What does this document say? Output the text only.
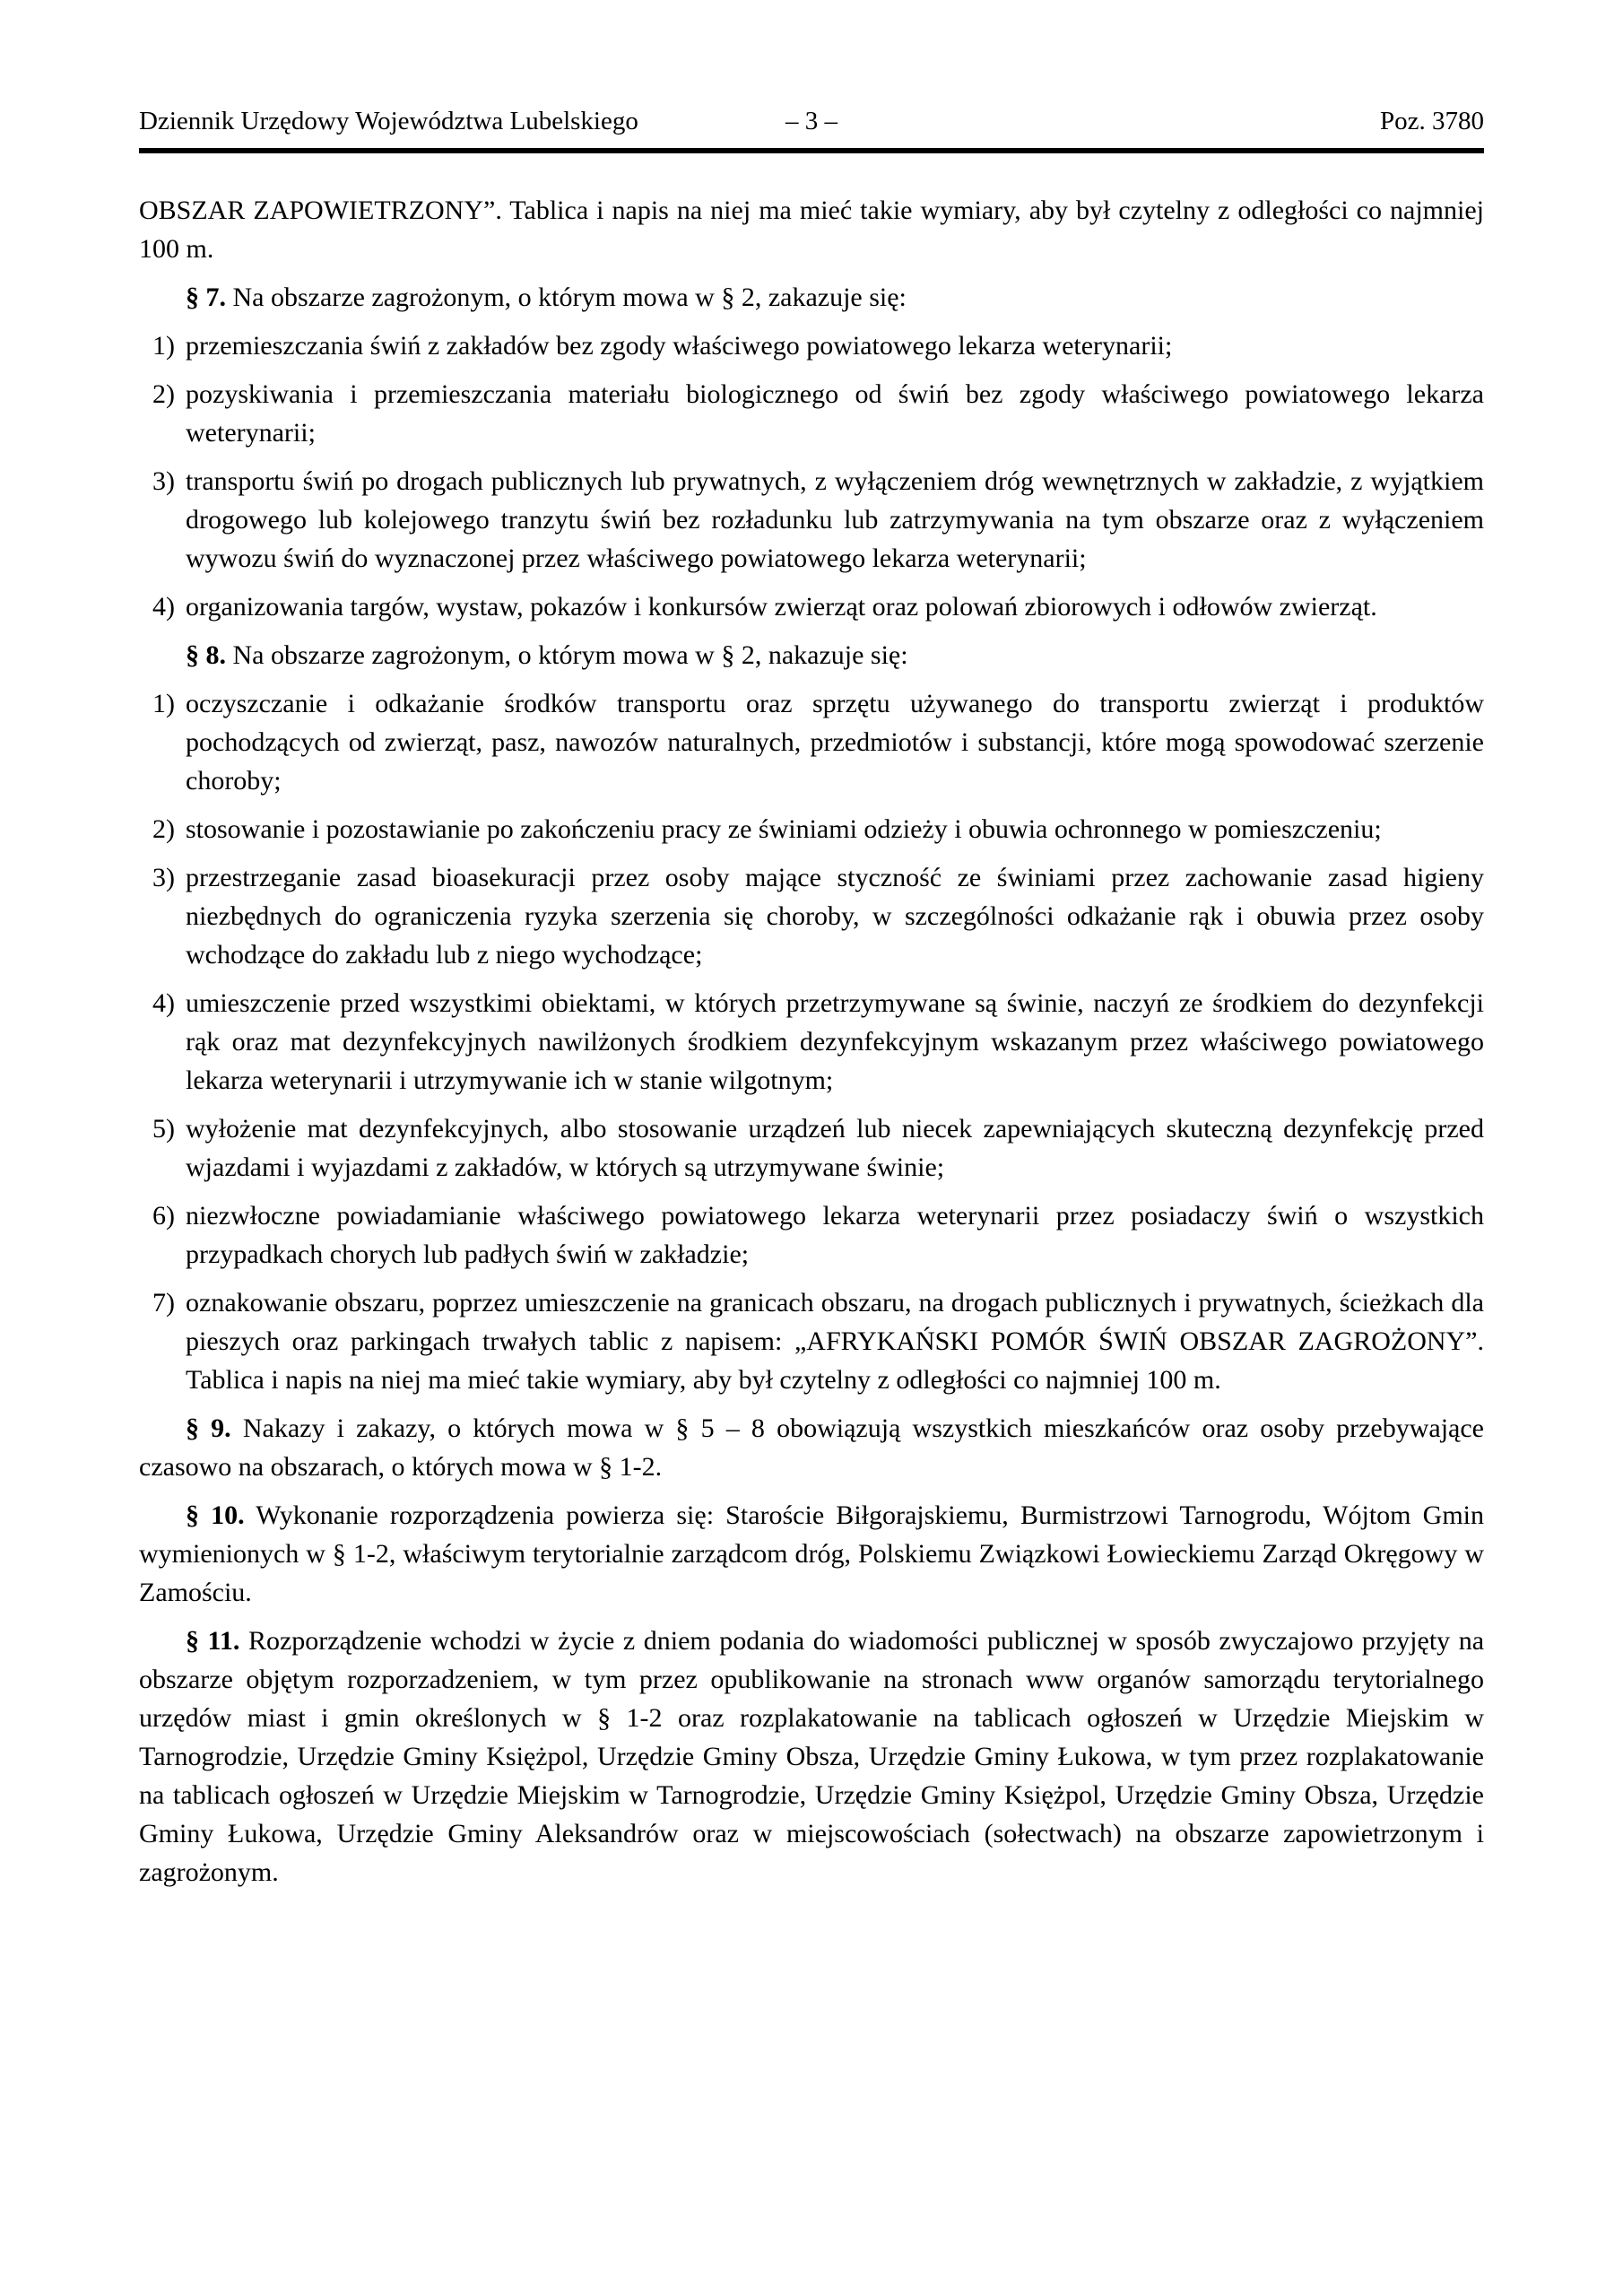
Dziennik Urzędowy Województwa Lubelskiego	– 3 –	Poz. 3780

OBSZAR ZAPOWIETRZONY”. Tablica i napis na niej ma mieć takie wymiary, aby był czytelny z odległości co najmniej 100 m.

§ 7. Na obszarze zagrożonym, o którym mowa w § 2, zakazuje się:

1) przemieszczania świń z zakładów bez zgody właściwego powiatowego lekarza weterynarii;

2) pozyskiwania i przemieszczania materiału biologicznego od świń bez zgody właściwego powiatowego lekarza weterynarii;

3) transportu świń po drogach publicznych lub prywatnych, z wyłączeniem dróg wewnętrznych w zakładzie, z wyjątkiem drogowego lub kolejowego tranzytu świń bez rozładunku lub zatrzymywania na tym obszarze oraz z wyłączeniem wywozu świń do wyznaczonej przez właściwego powiatowego lekarza weterynarii;

4) organizowania targów, wystaw, pokazów i konkursów zwierząt oraz polowań zbiorowych i odłowów zwierząt.

§ 8. Na obszarze zagrożonym, o którym mowa w § 2, nakazuje się:

1) oczyszczanie i odkażanie środków transportu oraz sprzętu używanego do transportu zwierząt i produktów pochodzących od zwierząt, pasz, nawozów naturalnych, przedmiotów i substancji, które mogą spowodować szerzenie choroby;

2) stosowanie i pozostawianie po zakończeniu pracy ze świniami odzieży i obuwia ochronnego w pomieszczeniu;

3) przestrzeganie zasad bioasekuracji przez osoby mające styczność ze świniami przez zachowanie zasad higieny niezbędnych do ograniczenia ryzyka szerzenia się choroby, w szczególności odkażanie rąk i obuwia przez osoby wchodzące do zakładu lub z niego wychodzące;

4) umieszczenie przed wszystkimi obiektami, w których przetrzymywane są świnie, naczyń ze środkiem do dezynfekcji rąk oraz mat dezynfekcyjnych nawilżonych środkiem dezynfekcyjnym wskazanym przez właściwego powiatowego lekarza weterynarii i utrzymywanie ich w stanie wilgotnym;

5) wyłożenie mat dezynfekcyjnych, albo stosowanie urządzeń lub niecek zapewniających skuteczną dezynfekcję przed wjazdami i wyjazdami z zakładów, w których są utrzymywane świnie;

6) niezwłoczne powiadamianie właściwego powiatowego lekarza weterynarii przez posiadaczy świń o wszystkich przypadkach chorych lub padłych świń w zakładzie;

7) oznakowanie obszaru, poprzez umieszczenie na granicach obszaru, na drogach publicznych i prywatnych, ścieżkach dla pieszych oraz parkingach trwałych tablic z napisem: „AFRYKAŃSKI POMÓR ŚWIŃ OBSZAR ZAGROŻONY”. Tablica i napis na niej ma mieć takie wymiary, aby był czytelny z odległości co najmniej 100 m.

§ 9. Nakazy i zakazy, o których mowa w § 5 – 8 obowiązują wszystkich mieszkańców oraz osoby przebywające czasowo na obszarach, o których mowa w § 1-2.

§ 10. Wykonanie rozporządzenia powierza się: Staroście Biłgorajskiemu, Burmistrzowi Tarnogrodu, Wójtom Gmin wymienionych w § 1-2, właściwym terytorialnie zarządcom dróg, Polskiemu Związkowi Łowieckiemu Zarząd Okręgowy w Zamościu.

§ 11. Rozporządzenie wchodzi w życie z dniem podania do wiadomości publicznej w sposób zwyczajowo przyjęty na obszarze objętym rozporzadzeniem, w tym przez opublikowanie na stronach www organów samorządu terytorialnego urzędów miast i gmin określonych w § 1-2 oraz rozplakatowanie na tablicach ogłoszeń w Urzędzie Miejskim w Tarnogrodzie, Urzędzie Gminy Księżpol, Urzędzie Gminy Obsza, Urzędzie Gminy Łukowa, w tym przez rozplakatowanie na tablicach ogłoszeń w Urzędzie Miejskim w Tarnogrodzie, Urzędzie Gminy Księżpol, Urzędzie Gminy Obsza, Urzędzie Gminy Łukowa, Urzędzie Gminy Aleksandrów oraz w miejscowościach (sołectwach) na obszarze zapowietrzonym i zagrożonym.
